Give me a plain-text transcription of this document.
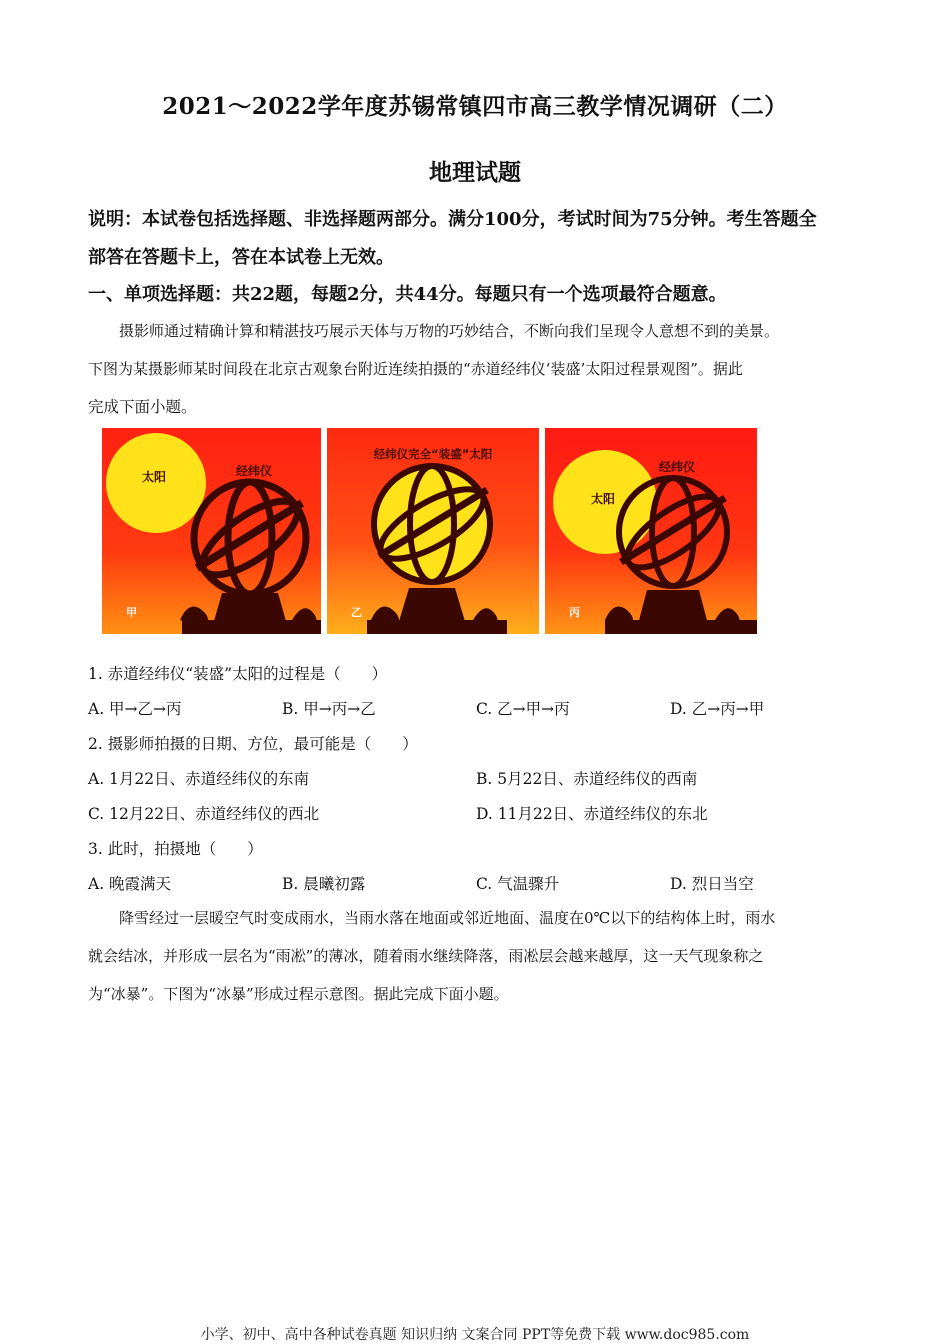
2021～2022学年度苏锡常镇四市高三教学情况调研（二）
地理试题
说明：本试卷包括选择题、非选择题两部分。满分100分，考试时间为75分钟。考生答题全
部答在答题卡上，答在本试卷上无效。
一、单项选择题：共22题，每题2分，共44分。每题只有一个选项最符合题意。
摄影师通过精确计算和精湛技巧展示天体与万物的巧妙结合，不断向我们呈现令人意想不到的美景。
下图为某摄影师某时间段在北京古观象台附近连续拍摄的“赤道经纬仪‘装盛’太阳过程景观图”。据此
完成下面小题。
太阳	经纬仪
甲
经纬仪完全“装盛”太阳
乙
太阳
经纬仪
丙
1. 赤道经纬仪“装盛”太阳的过程是（　　）
A. 甲→乙→丙	B. 甲→丙→乙	C. 乙→甲→丙	D. 乙→丙→甲
2. 摄影师拍摄的日期、方位，最可能是（　　）
A. 1月22日、赤道经纬仪的东南	B. 5月22日、赤道经纬仪的西南
C. 12月22日、赤道经纬仪的西北	D. 11月22日、赤道经纬仪的东北
3. 此时，拍摄地（　　）
A. 晚霞满天	B. 晨曦初露	C. 气温骤升	D. 烈日当空
降雪经过一层暖空气时变成雨水，当雨水落在地面或邻近地面、温度在0℃以下的结构体上时，雨水
就会结冰，并形成一层名为“雨凇”的薄冰，随着雨水继续降落，雨凇层会越来越厚，这一天气现象称之
为“冰暴”。下图为“冰暴”形成过程示意图。据此完成下面小题。
小学、初中、高中各种试卷真题 知识归纳 文案合同 PPT等免费下载 www.doc985.com
